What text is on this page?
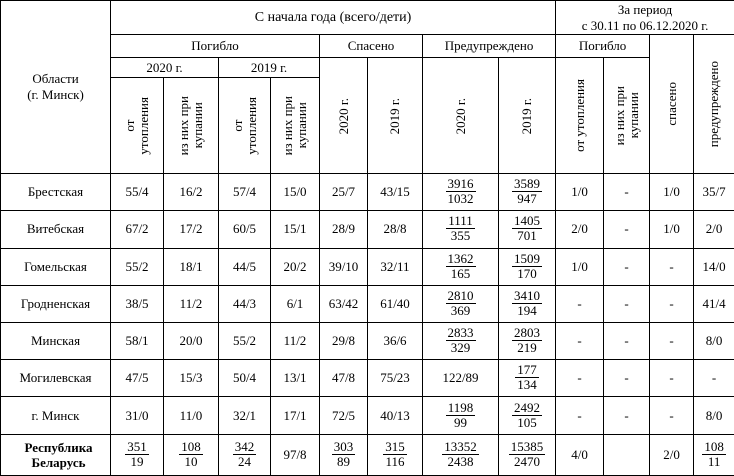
Области
(г. Минск)	С начала года (всего/дети)								За период
с 30.11 по 06.12.2020 г.			
	Погибло				Спасено		Предупреждено		Погибло		спасено	предупреждено

	2020 г.		2019 г.		2020 г.	2019 г.	2020 г.	2019 г.	от утопления	из них при
купании		

	от
утопления	из них при
купании	от
утопления	из них при
купании								

Брестская	55/4	16/2	57/4	15/0	25/7	43/15	$\frac{3916}{1032}$	$\frac{3589}{947}$	1/0	-	1/0	35/7
Витебская	67/2	17/2	60/5	15/1	28/9	28/8	$\frac{1111}{355}$	$\frac{1405}{701}$	2/0	-	1/0	2/0
Гомельская	55/2	18/1	44/5	20/2	39/10	32/11	$\frac{1362}{165}$	$\frac{1509}{170}$	1/0	-	-	14/0
Гродненская	38/5	11/2	44/3	6/1	63/42	61/40	$\frac{2810}{369}$	$\frac{3410}{194}$	-	-	-	41/4
Минская	58/1	20/0	55/2	11/2	29/8	36/6	$\frac{2833}{329}$	$\frac{2803}{219}$	-	-	-	8/0
Могилевская	47/5	15/3	50/4	13/1	47/8	75/23	122/89	$\frac{177}{134}$	-	-	-	-
г. Минск	31/0	11/0	32/1	17/1	72/5	40/13	$\frac{1198}{99}$	$\frac{2492}{105}$	-	-	-	8/0
Республика
Беларусь	$\frac{351}{19}$	$\frac{108}{10}$	$\frac{342}{24}$	97/8	$\frac{303}{89}$	$\frac{315}{116}$	$\frac{13352}{2438}$	$\frac{15385}{2470}$	4/0		2/0	$\frac{108}{11}$
